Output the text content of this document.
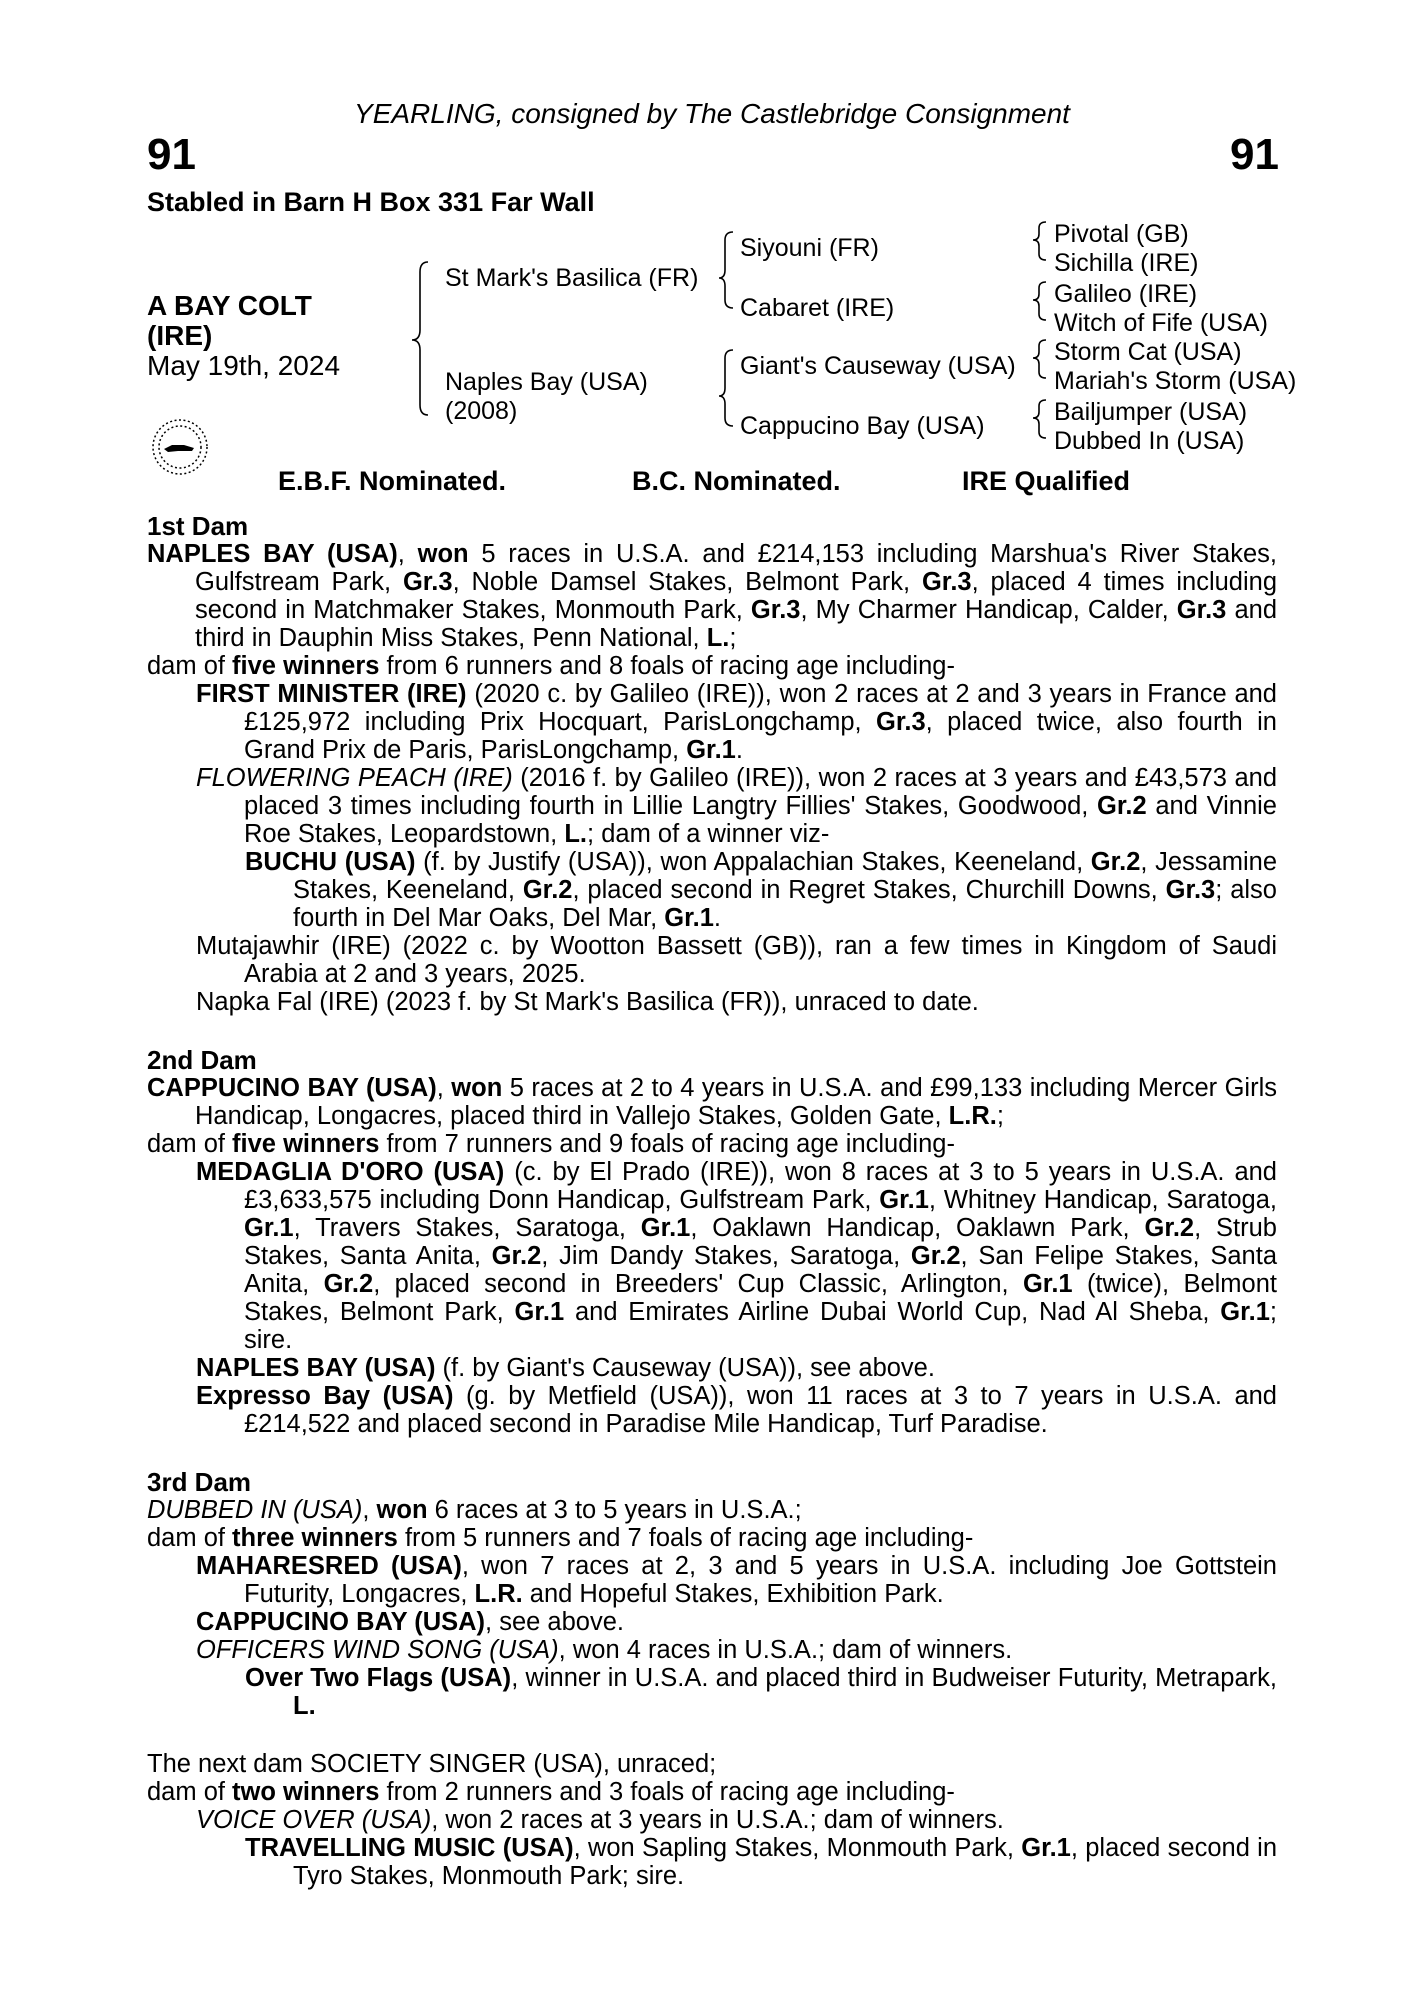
YEARLING, consigned by The Castlebridge Consignment
91	91
Stabled in Barn H Box 331 Far Wall
A BAY COLT
(IRE)
May 19th, 2024
St Mark's Basilica (FR)
Naples Bay (USA)
(2008)
Siyouni (FR)
Cabaret (IRE)
Giant's Causeway (USA)
Cappucino Bay (USA)
Pivotal (GB)
Sichilla (IRE)
Galileo (IRE)
Witch of Fife (USA)
Storm Cat (USA)
Mariah's Storm (USA)
Bailjumper (USA)
Dubbed In (USA)
E.B.F. Nominated.	B.C. Nominated.	IRE Qualified

1st Dam

NAPLES BAY (USA), won 5 races in U.S.A. and £214,153 including Marshua's River Stakes, Gulfstream Park, Gr.3, Noble Damsel Stakes, Belmont Park, Gr.3, placed 4 times including second in Matchmaker Stakes, Monmouth Park, Gr.3, My Charmer Handicap, Calder, Gr.3 and third in Dauphin Miss Stakes, Penn National, L.;

dam of five winners from 6 runners and 8 foals of racing age including-

FIRST MINISTER (IRE) (2020 c. by Galileo (IRE)), won 2 races at 2 and 3 years in France and £125,972 including Prix Hocquart, ParisLongchamp, Gr.3, placed twice, also fourth in Grand Prix de Paris, ParisLongchamp, Gr.1.

FLOWERING PEACH (IRE) (2016 f. by Galileo (IRE)), won 2 races at 3 years and £43,573 and placed 3 times including fourth in Lillie Langtry Fillies' Stakes, Goodwood, Gr.2 and Vinnie Roe Stakes, Leopardstown, L.; dam of a winner viz-

BUCHU (USA) (f. by Justify (USA)), won Appalachian Stakes, Keeneland, Gr.2, Jessamine Stakes, Keeneland, Gr.2, placed second in Regret Stakes, Churchill Downs, Gr.3; also fourth in Del Mar Oaks, Del Mar, Gr.1.

Mutajawhir (IRE) (2022 c. by Wootton Bassett (GB)), ran a few times in Kingdom of Saudi Arabia at 2 and 3 years, 2025.

Napka Fal (IRE) (2023 f. by St Mark's Basilica (FR)), unraced to date.

2nd Dam

CAPPUCINO BAY (USA), won 5 races at 2 to 4 years in U.S.A. and £99,133 including Mercer Girls Handicap, Longacres, placed third in Vallejo Stakes, Golden Gate, L.R.;

dam of five winners from 7 runners and 9 foals of racing age including-

MEDAGLIA D'ORO (USA) (c. by El Prado (IRE)), won 8 races at 3 to 5 years in U.S.A. and £3,633,575 including Donn Handicap, Gulfstream Park, Gr.1, Whitney Handicap, Saratoga, Gr.1, Travers Stakes, Saratoga, Gr.1, Oaklawn Handicap, Oaklawn Park, Gr.2, Strub Stakes, Santa Anita, Gr.2, Jim Dandy Stakes, Saratoga, Gr.2, San Felipe Stakes, Santa Anita, Gr.2, placed second in Breeders' Cup Classic, Arlington, Gr.1 (twice), Belmont Stakes, Belmont Park, Gr.1 and Emirates Airline Dubai World Cup, Nad Al Sheba, Gr.1; sire.

NAPLES BAY (USA) (f. by Giant's Causeway (USA)), see above.

Expresso Bay (USA) (g. by Metfield (USA)), won 11 races at 3 to 7 years in U.S.A. and £214,522 and placed second in Paradise Mile Handicap, Turf Paradise.

3rd Dam

DUBBED IN (USA), won 6 races at 3 to 5 years in U.S.A.;

dam of three winners from 5 runners and 7 foals of racing age including-

MAHARESRED (USA), won 7 races at 2, 3 and 5 years in U.S.A. including Joe Gottstein Futurity, Longacres, L.R. and Hopeful Stakes, Exhibition Park.

CAPPUCINO BAY (USA), see above.

OFFICERS WIND SONG (USA), won 4 races in U.S.A.; dam of winners.

Over Two Flags (USA), winner in U.S.A. and placed third in Budweiser Futurity, Metrapark, L.

The next dam SOCIETY SINGER (USA), unraced;

dam of two winners from 2 runners and 3 foals of racing age including-

VOICE OVER (USA), won 2 races at 3 years in U.S.A.; dam of winners.

TRAVELLING MUSIC (USA), won Sapling Stakes, Monmouth Park, Gr.1, placed second in Tyro Stakes, Monmouth Park; sire.
